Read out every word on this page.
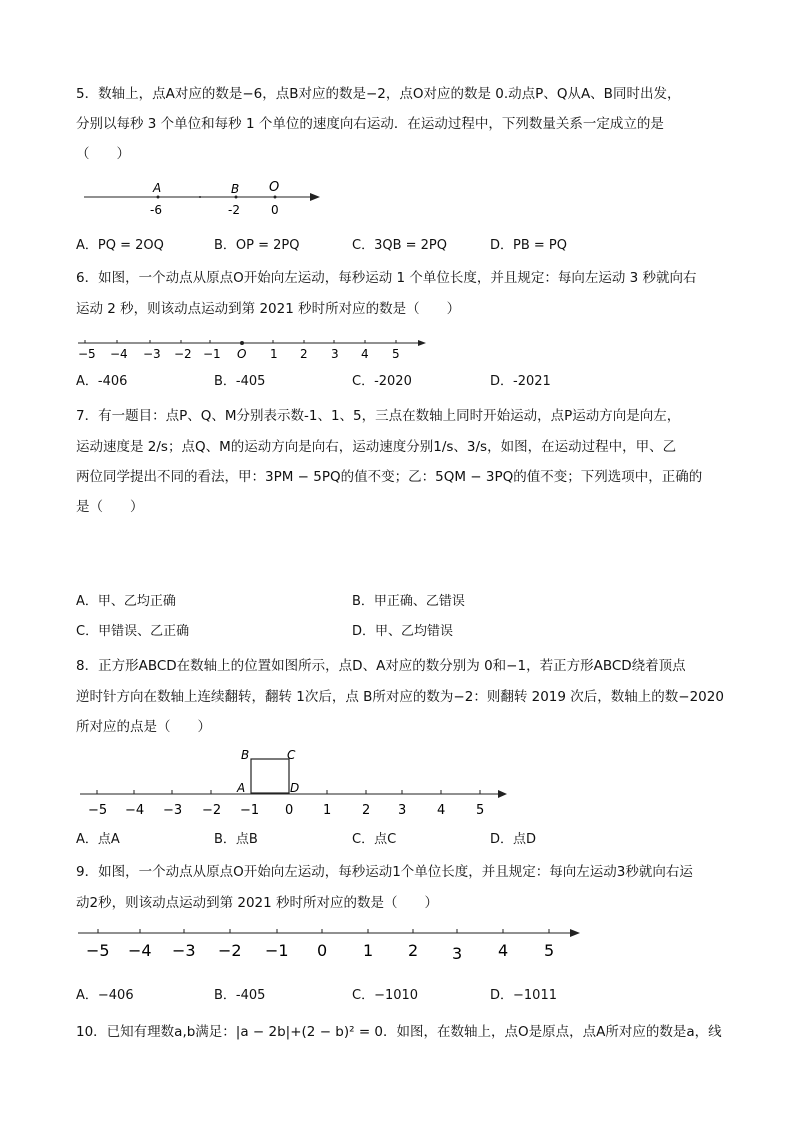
5．数轴上，点A对应的数是−6，点B对应的数是−2，点O对应的数是 0.动点P、Q从A、B同时出发，
分别以每秒 3 个单位和每秒 1 个单位的速度向右运动．在运动过程中，下列数量关系一定成立的是
（　　）
A	B O
-6	-2	0
A．PQ = 2OQ	B．OP = 2PQ	C．3QB = 2PQ	D．PB = PQ
6．如图，一个动点从原点O开始向左运动，每秒运动 1 个单位长度，并且规定：每向左运动 3 秒就向右
运动 2 秒，则该动点运动到第 2021 秒时所对应的数是（　　）
−5 −4 −3 −2 −1 O 1 2 3 4 5
A．-406	B．-405	C．-2020	D．-2021
7．有一题目：点P、Q、M分别表示数-1、1、5，三点在数轴上同时开始运动，点P运动方向是向左，
运动速度是 2/s；点Q、M的运动方向是向右，运动速度分别1/s、3/s，如图，在运动过程中，甲、乙
两位同学提出不同的看法，甲：3PM − 5PQ的值不变；乙：5QM − 3PQ的值不变；下列选项中，正确的
是（　　）
A．甲、乙均正确	B．甲正确、乙错误
C．甲错误、乙正确	D．甲、乙均错误
8．正方形ABCD在数轴上的位置如图所示，点D、A对应的数分别为 0和−1，若正方形ABCD绕着顶点
逆时针方向在数轴上连续翻转，翻转 1次后，点 B所对应的数为−2：则翻转 2019 次后，数轴上的数−2020
所对应的点是（　　）
B	C
A	D
−5 −4 −3 −2 −1 0 1 2 3 4 5
A．点A	B．点B	C．点C	D．点D
9．如图，一个动点从原点O开始向左运动，每秒运动1个单位长度，并且规定：每向左运动3秒就向右运
动2秒，则该动点运动到第 2021 秒时所对应的数是（　　）
−5 −4 −3 −2 −1 0 1 2 3 4 5
A．−406	B．-405	C．−1010	D．−1011
10．已知有理数a,b满足：|a − 2b|+(2 − b)² = 0．如图，在数轴上，点O是原点，点A所对应的数是a，线
